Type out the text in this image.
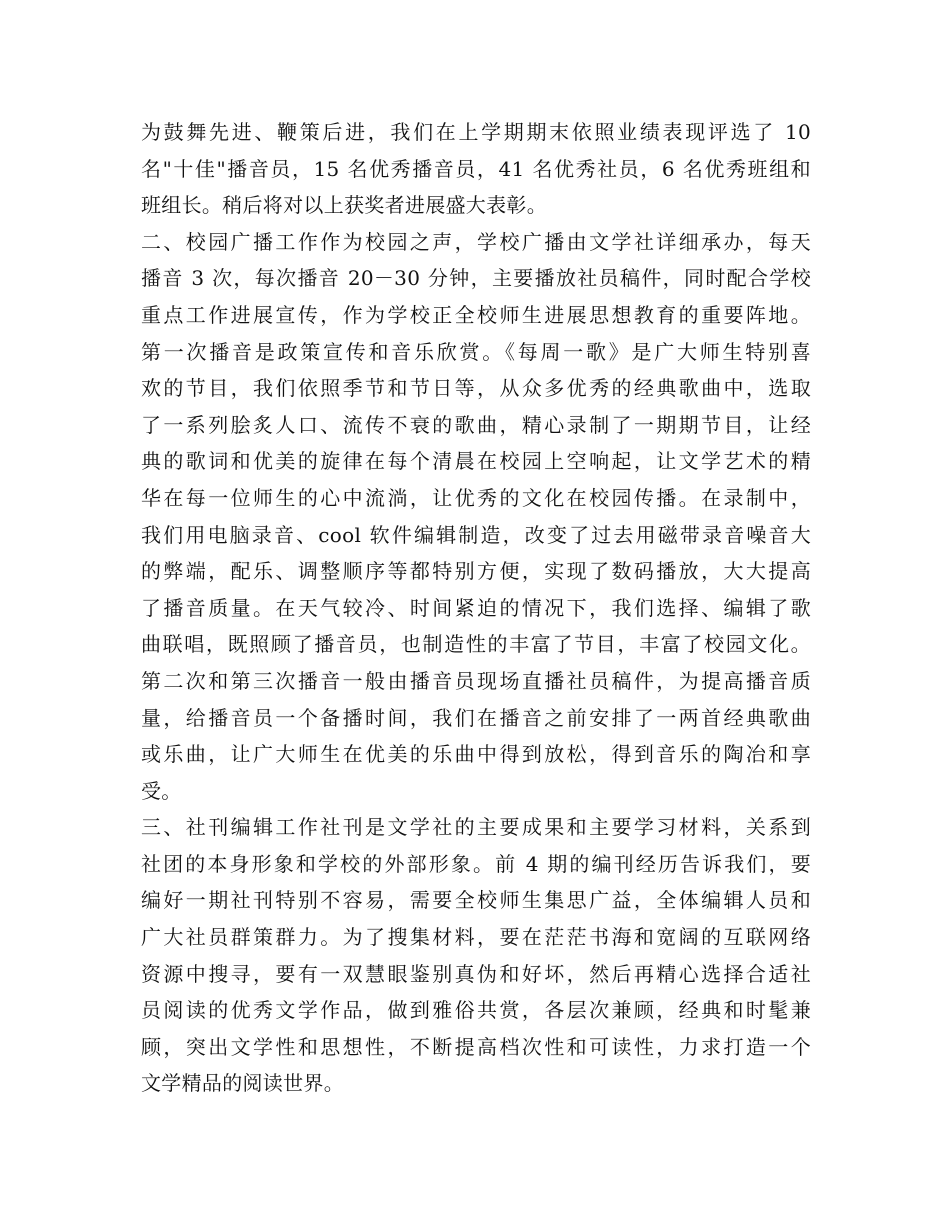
为鼓舞先进、鞭策后进，我们在上学期期末依照业绩表现评选了 10
名"十佳"播音员，15 名优秀播音员，41 名优秀社员，6 名优秀班组和
班组长。稍后将对以上获奖者进展盛大表彰。
二、校园广播工作作为校园之声，学校广播由文学社详细承办，每天
播音 3 次，每次播音 20－30 分钟，主要播放社员稿件，同时配合学校
重点工作进展宣传，作为学校正全校师生进展思想教育的重要阵地。
第一次播音是政策宣传和音乐欣赏。《每周一歌》是广大师生特别喜
欢的节目，我们依照季节和节日等，从众多优秀的经典歌曲中，选取
了一系列脍炙人口、流传不衰的歌曲，精心录制了一期期节目，让经
典的歌词和优美的旋律在每个清晨在校园上空响起，让文学艺术的精
华在每一位师生的心中流淌，让优秀的文化在校园传播。在录制中，
我们用电脑录音、cool 软件编辑制造，改变了过去用磁带录音噪音大
的弊端，配乐、调整顺序等都特别方便，实现了数码播放，大大提高
了播音质量。在天气较冷、时间紧迫的情况下，我们选择、编辑了歌
曲联唱，既照顾了播音员，也制造性的丰富了节目，丰富了校园文化。
第二次和第三次播音一般由播音员现场直播社员稿件，为提高播音质
量，给播音员一个备播时间，我们在播音之前安排了一两首经典歌曲
或乐曲，让广大师生在优美的乐曲中得到放松，得到音乐的陶冶和享
受。
三、社刊编辑工作社刊是文学社的主要成果和主要学习材料，关系到
社团的本身形象和学校的外部形象。前 4 期的编刊经历告诉我们，要
编好一期社刊特别不容易，需要全校师生集思广益，全体编辑人员和
广大社员群策群力。为了搜集材料，要在茫茫书海和宽阔的互联网络
资源中搜寻，要有一双慧眼鉴别真伪和好坏，然后再精心选择合适社
员阅读的优秀文学作品，做到雅俗共赏，各层次兼顾，经典和时髦兼
顾，突出文学性和思想性，不断提高档次性和可读性，力求打造一个
文学精品的阅读世界。
